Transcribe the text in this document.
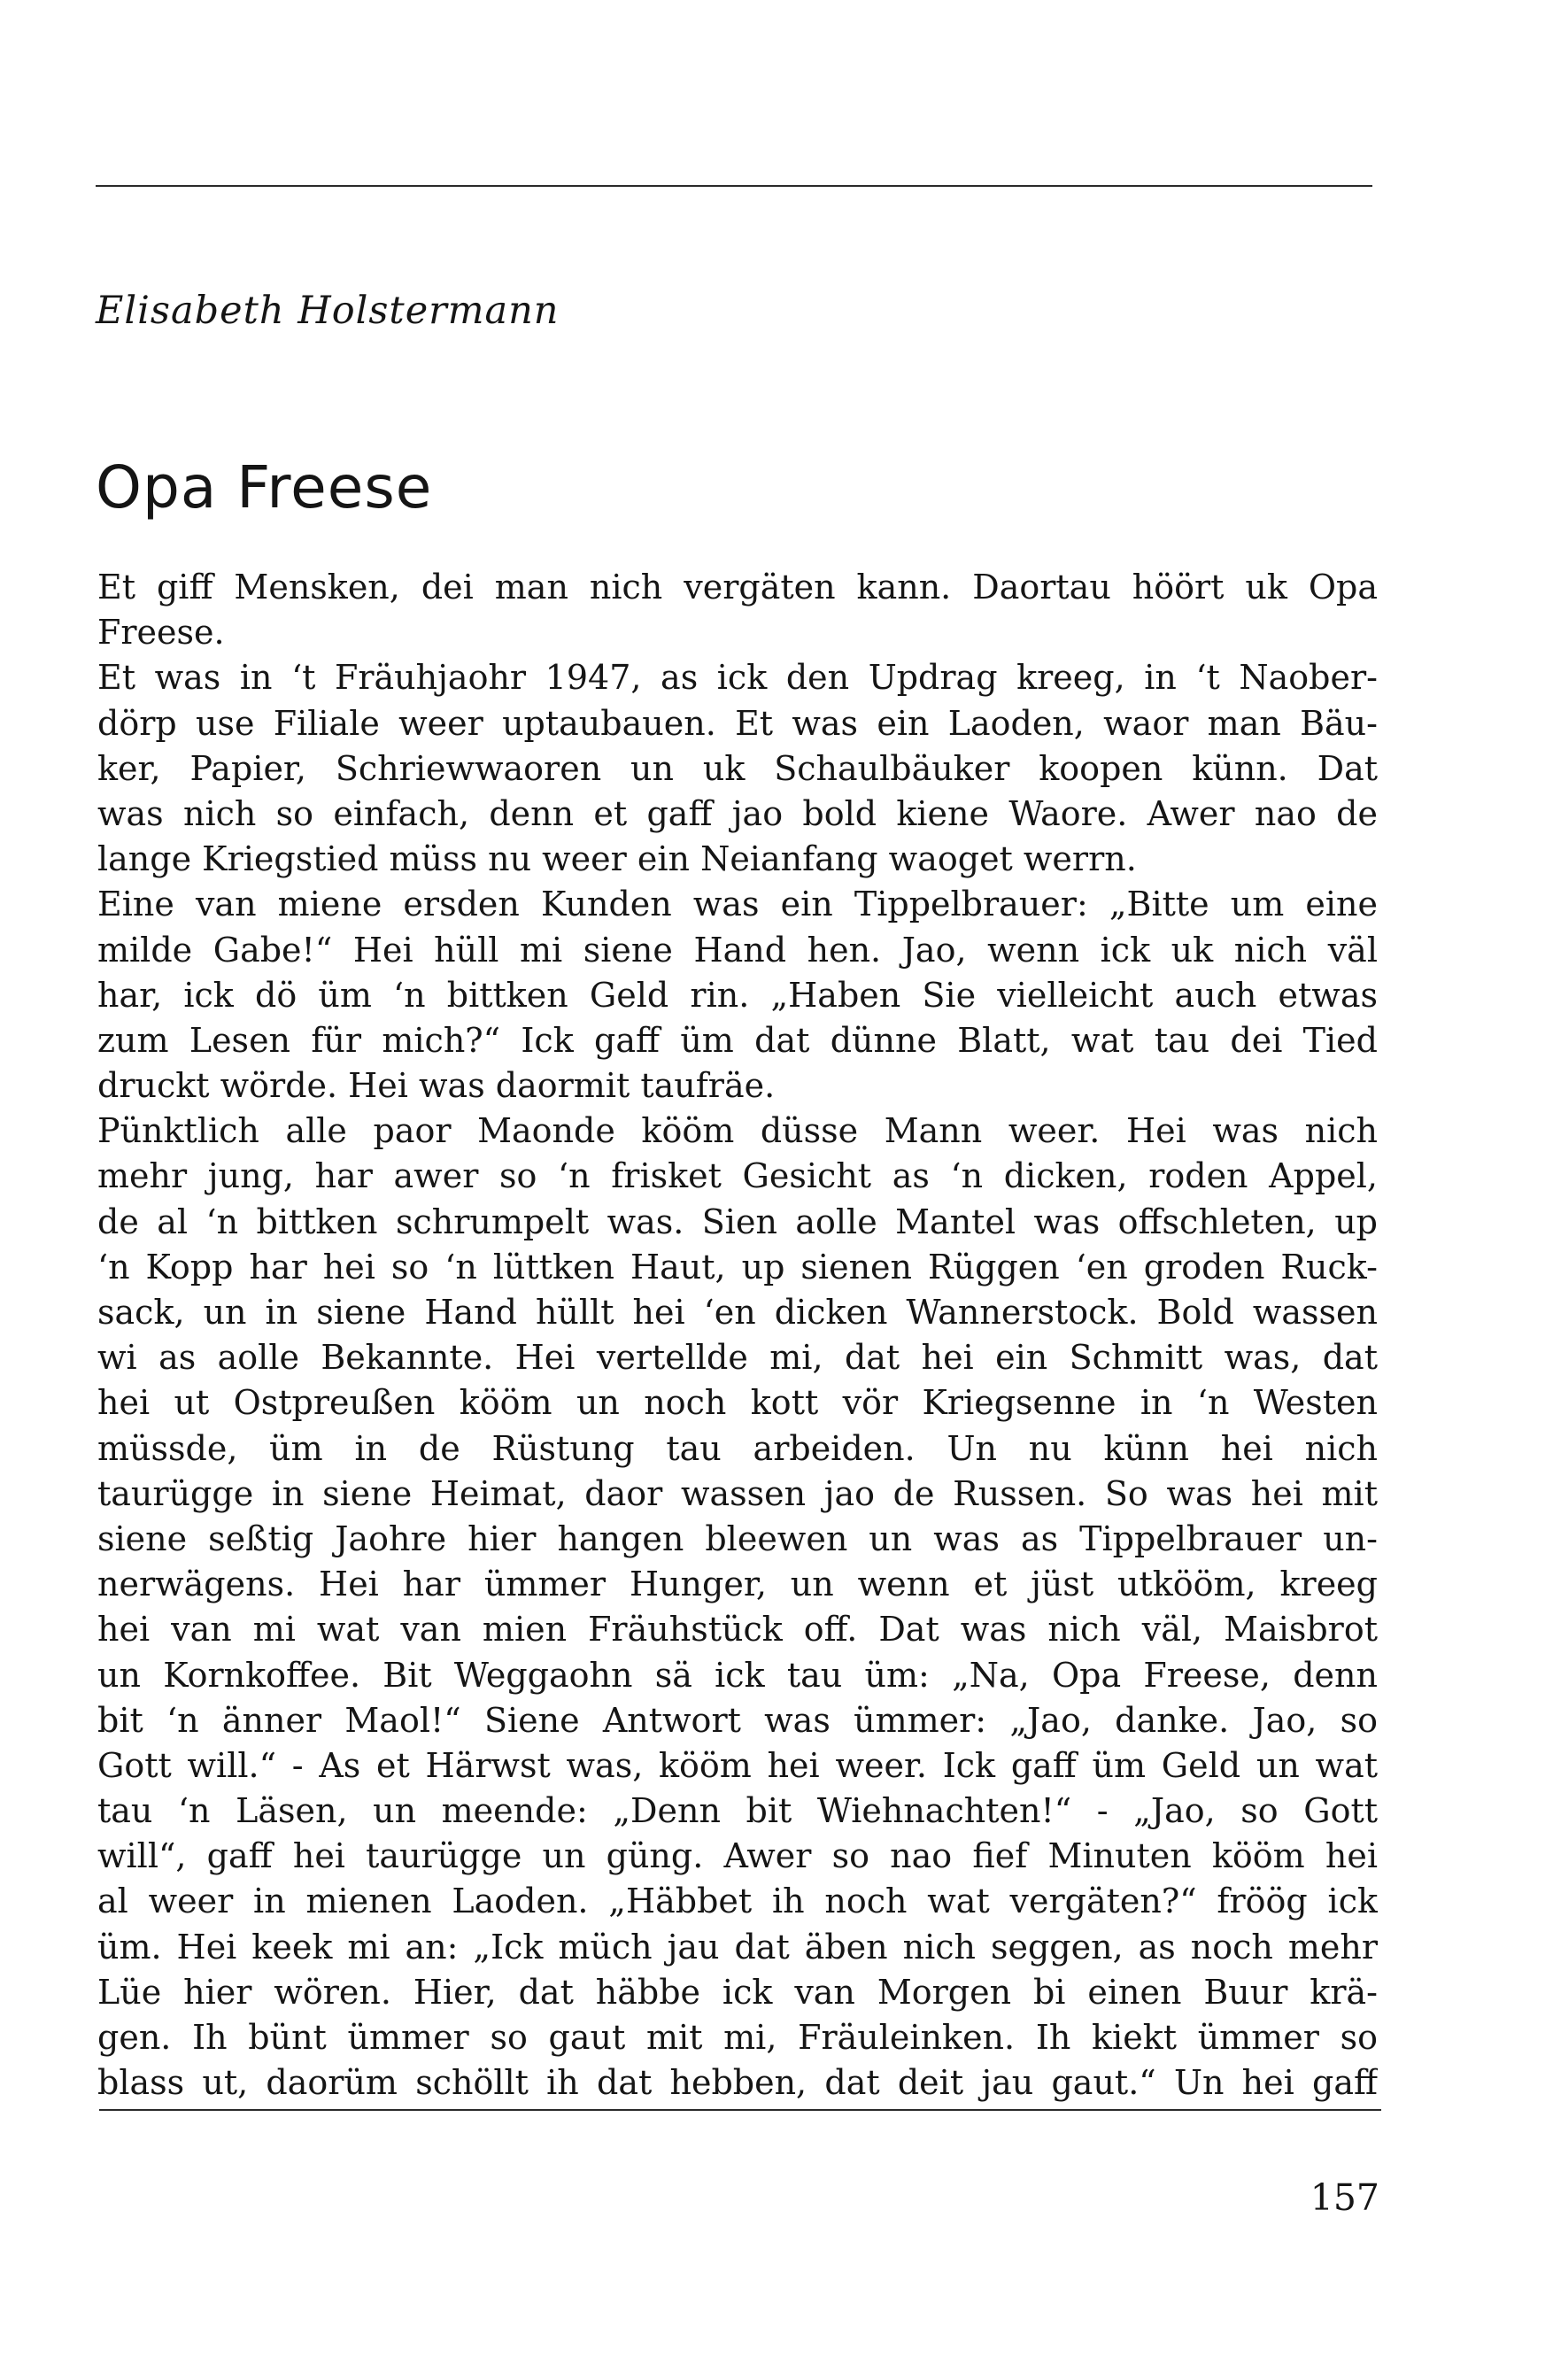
Elisabeth Holstermann
Opa Freese
Et giff Mensken, dei man nich vergäten kann. Daortau höört uk Opa
Freese.
Et was in ‘t Fräuhjaohr 1947, as ick den Updrag kreeg, in ‘t Naober-
dörp use Filiale weer uptaubauen. Et was ein Laoden, waor man Bäu-
ker, Papier, Schriewwaoren un uk Schaulbäuker koopen künn. Dat
was nich so einfach, denn et gaff jao bold kiene Waore. Awer nao de
lange Kriegstied müss nu weer ein Neianfang waoget werrn.
Eine van miene ersden Kunden was ein Tippelbrauer: „Bitte um eine
milde Gabe!“ Hei hüll mi siene Hand hen. Jao, wenn ick uk nich väl
har, ick dö üm ‘n bittken Geld rin. „Haben Sie vielleicht auch etwas
zum Lesen für mich?“ Ick gaff üm dat dünne Blatt, wat tau dei Tied
druckt wörde. Hei was daormit taufräe.
Pünktlich alle paor Maonde kööm düsse Mann weer. Hei was nich
mehr jung, har awer so ‘n frisket Gesicht as ‘n dicken, roden Appel,
de al ‘n bittken schrumpelt was. Sien aolle Mantel was offschleten, up
‘n Kopp har hei so ‘n lüttken Haut, up sienen Rüggen ‘en groden Ruck-
sack, un in siene Hand hüllt hei ‘en dicken Wannerstock. Bold wassen
wi as aolle Bekannte. Hei vertellde mi, dat hei ein Schmitt was, dat
hei ut Ostpreußen kööm un noch kott vör Kriegsenne in ‘n Westen
müssde, üm in de Rüstung tau arbeiden. Un nu künn hei nich
taurügge in siene Heimat, daor wassen jao de Russen. So was hei mit
siene seßtig Jaohre hier hangen bleewen un was as Tippelbrauer un-
nerwägens. Hei har ümmer Hunger, un wenn et jüst utkööm, kreeg
hei van mi wat van mien Fräuhstück off. Dat was nich väl, Maisbrot
un Kornkoffee. Bit Weggaohn sä ick tau üm: „Na, Opa Freese, denn
bit ‘n änner Maol!“ Siene Antwort was ümmer: „Jao, danke. Jao, so
Gott will.“ - As et Härwst was, kööm hei weer. Ick gaff üm Geld un wat
tau ‘n Läsen, un meende: „Denn bit Wiehnachten!“ - „Jao, so Gott
will“, gaff hei taurügge un güng. Awer so nao fief Minuten kööm hei
al weer in mienen Laoden. „Häbbet ih noch wat vergäten?“ fröög ick
üm. Hei keek mi an: „Ick müch jau dat äben nich seggen, as noch mehr
Lüe hier wören. Hier, dat häbbe ick van Morgen bi einen Buur krä-
gen. Ih bünt ümmer so gaut mit mi, Fräuleinken. Ih kiekt ümmer so
blass ut, daorüm schöllt ih dat hebben, dat deit jau gaut.“ Un hei gaff
157
